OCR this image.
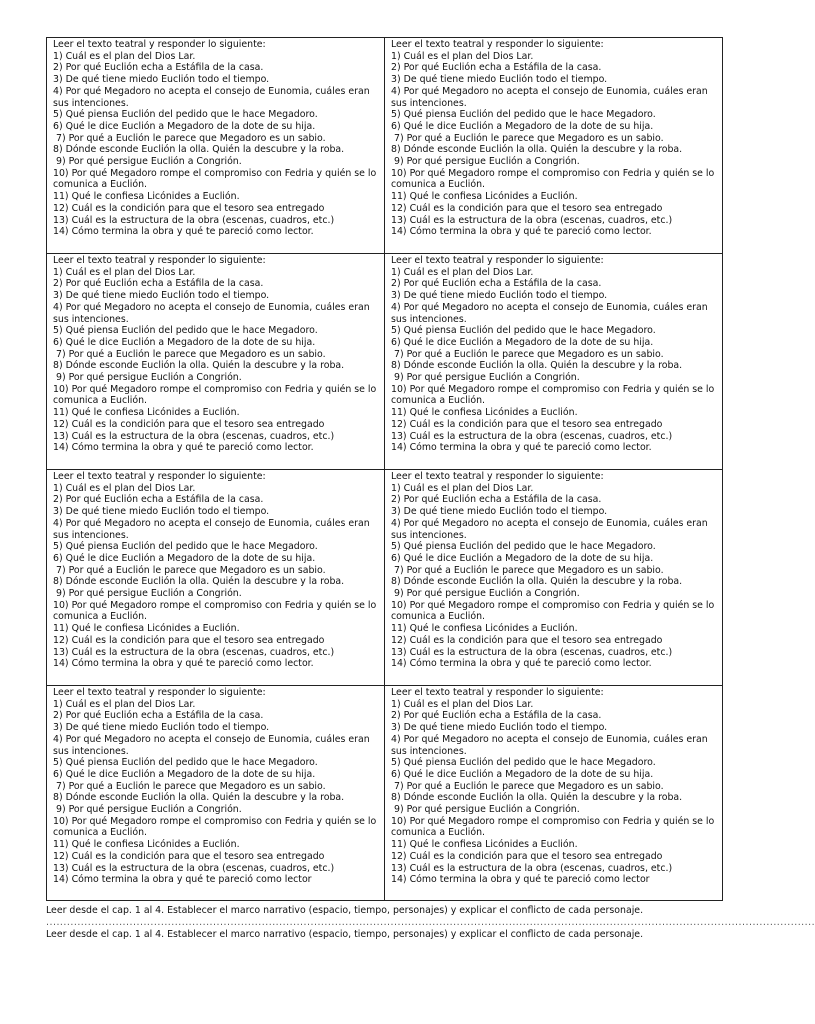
Leer el texto teatral y responder lo siguiente:
1) Cuál es el plan del Dios Lar.
2) Por qué Euclión echa a Estáfila de la casa.
3) De qué tiene miedo Euclión todo el tiempo.
4) Por qué Megadoro no acepta el consejo de Eunomia, cuáles eran sus intenciones.
5) Qué piensa Euclión del pedido que le hace Megadoro.
6) Qué le dice Euclión a Megadoro de la dote de su hija.
7) Por qué a Euclión le parece que Megadoro es un sabio.
8) Dónde esconde Euclión la olla. Quién la descubre y la roba.
9) Por qué persigue Euclión a Congrión.
10) Por qué Megadoro rompe el compromiso con Fedria y quién se lo comunica a Euclión.
11) Qué le confiesa Licónides a Euclión.
12) Cuál es la condición para que el tesoro sea entregado
13) Cuál es la estructura de la obra (escenas, cuadros, etc.)
14) Cómo termina la obra y qué te pareció como lector.
Leer el texto teatral y responder lo siguiente:
1) Cuál es el plan del Dios Lar.
2) Por qué Euclión echa a Estáfila de la casa.
3) De qué tiene miedo Euclión todo el tiempo.
4) Por qué Megadoro no acepta el consejo de Eunomia, cuáles eran sus intenciones.
5) Qué piensa Euclión del pedido que le hace Megadoro.
6) Qué le dice Euclión a Megadoro de la dote de su hija.
7) Por qué a Euclión le parece que Megadoro es un sabio.
8) Dónde esconde Euclión la olla. Quién la descubre y la roba.
9) Por qué persigue Euclión a Congrión.
10) Por qué Megadoro rompe el compromiso con Fedria y quién se lo comunica a Euclión.
11) Qué le confiesa Licónides a Euclión.
12) Cuál es la condición para que el tesoro sea entregado
13) Cuál es la estructura de la obra (escenas, cuadros, etc.)
14) Cómo termina la obra y qué te pareció como lector.
Leer el texto teatral y responder lo siguiente:
1) Cuál es el plan del Dios Lar.
2) Por qué Euclión echa a Estáfila de la casa.
3) De qué tiene miedo Euclión todo el tiempo.
4) Por qué Megadoro no acepta el consejo de Eunomia, cuáles eran sus intenciones.
5) Qué piensa Euclión del pedido que le hace Megadoro.
6) Qué le dice Euclión a Megadoro de la dote de su hija.
7) Por qué a Euclión le parece que Megadoro es un sabio.
8) Dónde esconde Euclión la olla. Quién la descubre y la roba.
9) Por qué persigue Euclión a Congrión.
10) Por qué Megadoro rompe el compromiso con Fedria y quién se lo comunica a Euclión.
11) Qué le confiesa Licónides a Euclión.
12) Cuál es la condición para que el tesoro sea entregado
13) Cuál es la estructura de la obra (escenas, cuadros, etc.)
14) Cómo termina la obra y qué te pareció como lector.
Leer el texto teatral y responder lo siguiente:
1) Cuál es el plan del Dios Lar.
2) Por qué Euclión echa a Estáfila de la casa.
3) De qué tiene miedo Euclión todo el tiempo.
4) Por qué Megadoro no acepta el consejo de Eunomia, cuáles eran sus intenciones.
5) Qué piensa Euclión del pedido que le hace Megadoro.
6) Qué le dice Euclión a Megadoro de la dote de su hija.
7) Por qué a Euclión le parece que Megadoro es un sabio.
8) Dónde esconde Euclión la olla. Quién la descubre y la roba.
9) Por qué persigue Euclión a Congrión.
10) Por qué Megadoro rompe el compromiso con Fedria y quién se lo comunica a Euclión.
11) Qué le confiesa Licónides a Euclión.
12) Cuál es la condición para que el tesoro sea entregado
13) Cuál es la estructura de la obra (escenas, cuadros, etc.)
14) Cómo termina la obra y qué te pareció como lector.
Leer el texto teatral y responder lo siguiente:
1) Cuál es el plan del Dios Lar.
2) Por qué Euclión echa a Estáfila de la casa.
3) De qué tiene miedo Euclión todo el tiempo.
4) Por qué Megadoro no acepta el consejo de Eunomia, cuáles eran sus intenciones.
5) Qué piensa Euclión del pedido que le hace Megadoro.
6) Qué le dice Euclión a Megadoro de la dote de su hija.
7) Por qué a Euclión le parece que Megadoro es un sabio.
8) Dónde esconde Euclión la olla. Quién la descubre y la roba.
9) Por qué persigue Euclión a Congrión.
10) Por qué Megadoro rompe el compromiso con Fedria y quién se lo comunica a Euclión.
11) Qué le confiesa Licónides a Euclión.
12) Cuál es la condición para que el tesoro sea entregado
13) Cuál es la estructura de la obra (escenas, cuadros, etc.)
14) Cómo termina la obra y qué te pareció como lector.
Leer el texto teatral y responder lo siguiente:
1) Cuál es el plan del Dios Lar.
2) Por qué Euclión echa a Estáfila de la casa.
3) De qué tiene miedo Euclión todo el tiempo.
4) Por qué Megadoro no acepta el consejo de Eunomia, cuáles eran sus intenciones.
5) Qué piensa Euclión del pedido que le hace Megadoro.
6) Qué le dice Euclión a Megadoro de la dote de su hija.
7) Por qué a Euclión le parece que Megadoro es un sabio.
8) Dónde esconde Euclión la olla. Quién la descubre y la roba.
9) Por qué persigue Euclión a Congrión.
10) Por qué Megadoro rompe el compromiso con Fedria y quién se lo comunica a Euclión.
11) Qué le confiesa Licónides a Euclión.
12) Cuál es la condición para que el tesoro sea entregado
13) Cuál es la estructura de la obra (escenas, cuadros, etc.)
14) Cómo termina la obra y qué te pareció como lector.
Leer el texto teatral y responder lo siguiente:
1) Cuál es el plan del Dios Lar.
2) Por qué Euclión echa a Estáfila de la casa.
3) De qué tiene miedo Euclión todo el tiempo.
4) Por qué Megadoro no acepta el consejo de Eunomia, cuáles eran sus intenciones.
5) Qué piensa Euclión del pedido que le hace Megadoro.
6) Qué le dice Euclión a Megadoro de la dote de su hija.
7) Por qué a Euclión le parece que Megadoro es un sabio.
8) Dónde esconde Euclión la olla. Quién la descubre y la roba.
9) Por qué persigue Euclión a Congrión.
10) Por qué Megadoro rompe el compromiso con Fedria y quién se lo comunica a Euclión.
11) Qué le confiesa Licónides a Euclión.
12) Cuál es la condición para que el tesoro sea entregado
13) Cuál es la estructura de la obra (escenas, cuadros, etc.)
14) Cómo termina la obra y qué te pareció como lector
Leer el texto teatral y responder lo siguiente:
1) Cuál es el plan del Dios Lar.
2) Por qué Euclión echa a Estáfila de la casa.
3) De qué tiene miedo Euclión todo el tiempo.
4) Por qué Megadoro no acepta el consejo de Eunomia, cuáles eran sus intenciones.
5) Qué piensa Euclión del pedido que le hace Megadoro.
6) Qué le dice Euclión a Megadoro de la dote de su hija.
7) Por qué a Euclión le parece que Megadoro es un sabio.
8) Dónde esconde Euclión la olla. Quién la descubre y la roba.
9) Por qué persigue Euclión a Congrión.
10) Por qué Megadoro rompe el compromiso con Fedria y quién se lo comunica a Euclión.
11) Qué le confiesa Licónides a Euclión.
12) Cuál es la condición para que el tesoro sea entregado
13) Cuál es la estructura de la obra (escenas, cuadros, etc.)
14) Cómo termina la obra y qué te pareció como lector
Leer desde el cap. 1 al 4. Establecer el marco narrativo (espacio, tiempo, personajes) y explicar el conflicto de cada personaje.
.............................................................................................................................................................................................................................
Leer desde el cap. 1 al 4. Establecer el marco narrativo (espacio, tiempo, personajes) y explicar el conflicto de cada personaje.
